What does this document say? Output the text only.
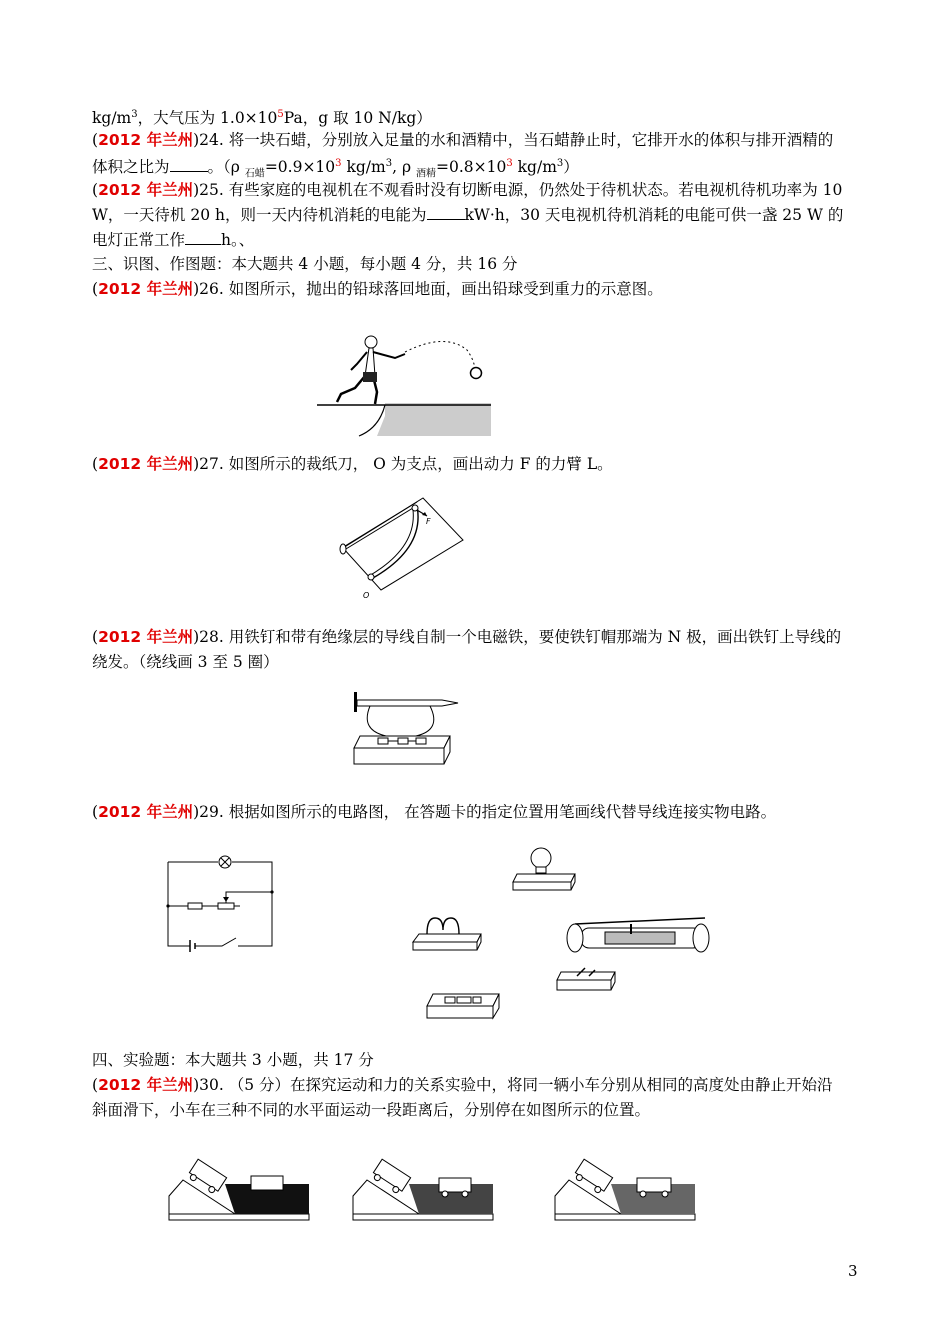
$kg/m^3$，大气压为 $1.0\times 10^5Pa$，g 取 10 N/kg）
(2012 年兰州)24. 将一块石蜡，分别放入足量的水和酒精中，当石蜡静止时，它排开水的体积与排开酒精的
体积之比为 。（ρ $_{石蜡}=0.9\times 10^3$ $kg/m^3$, ρ $_{酒精}=0.8\times 10^3$ $kg/m^3$）
(2012 年兰州)25. 有些家庭的电视机在不观看时没有切断电源，仍然处于待机状态。若电视机待机功率为 10
W，一天待机 20 h，则一天内待机消耗的电能为 kW·h，30 天电视机待机消耗的电能可供一盏 25 W 的
电灯正常工作 h。、
三、识图、作图题：本大题共 4 小题，每小题 4 分，共 16 分
(2012 年兰州)26. 如图所示，抛出的铅球落回地面，画出铅球受到重力的示意图。
(2012 年兰州)27. 如图所示的裁纸刀， O 为支点，画出动力 F 的力臂 L。
F
O
(2012 年兰州)28. 用铁钉和带有绝缘层的导线自制一个电磁铁，要使铁钉帽那端为 N 极，画出铁钉上导线的
绕发。（绕线画 3 至 5 圈）
(2012 年兰州)29. 根据如图所示的电路图， 在答题卡的指定位置用笔画线代替导线连接实物电路。
四、实验题：本大题共 3 小题，共 17 分
(2012 年兰州)30. （5 分）在探究运动和力的关系实验中，将同一辆小车分别从相同的高度处由静止开始沿
斜面滑下，小车在三种不同的水平面运动一段距离后，分别停在如图所示的位置。
3
